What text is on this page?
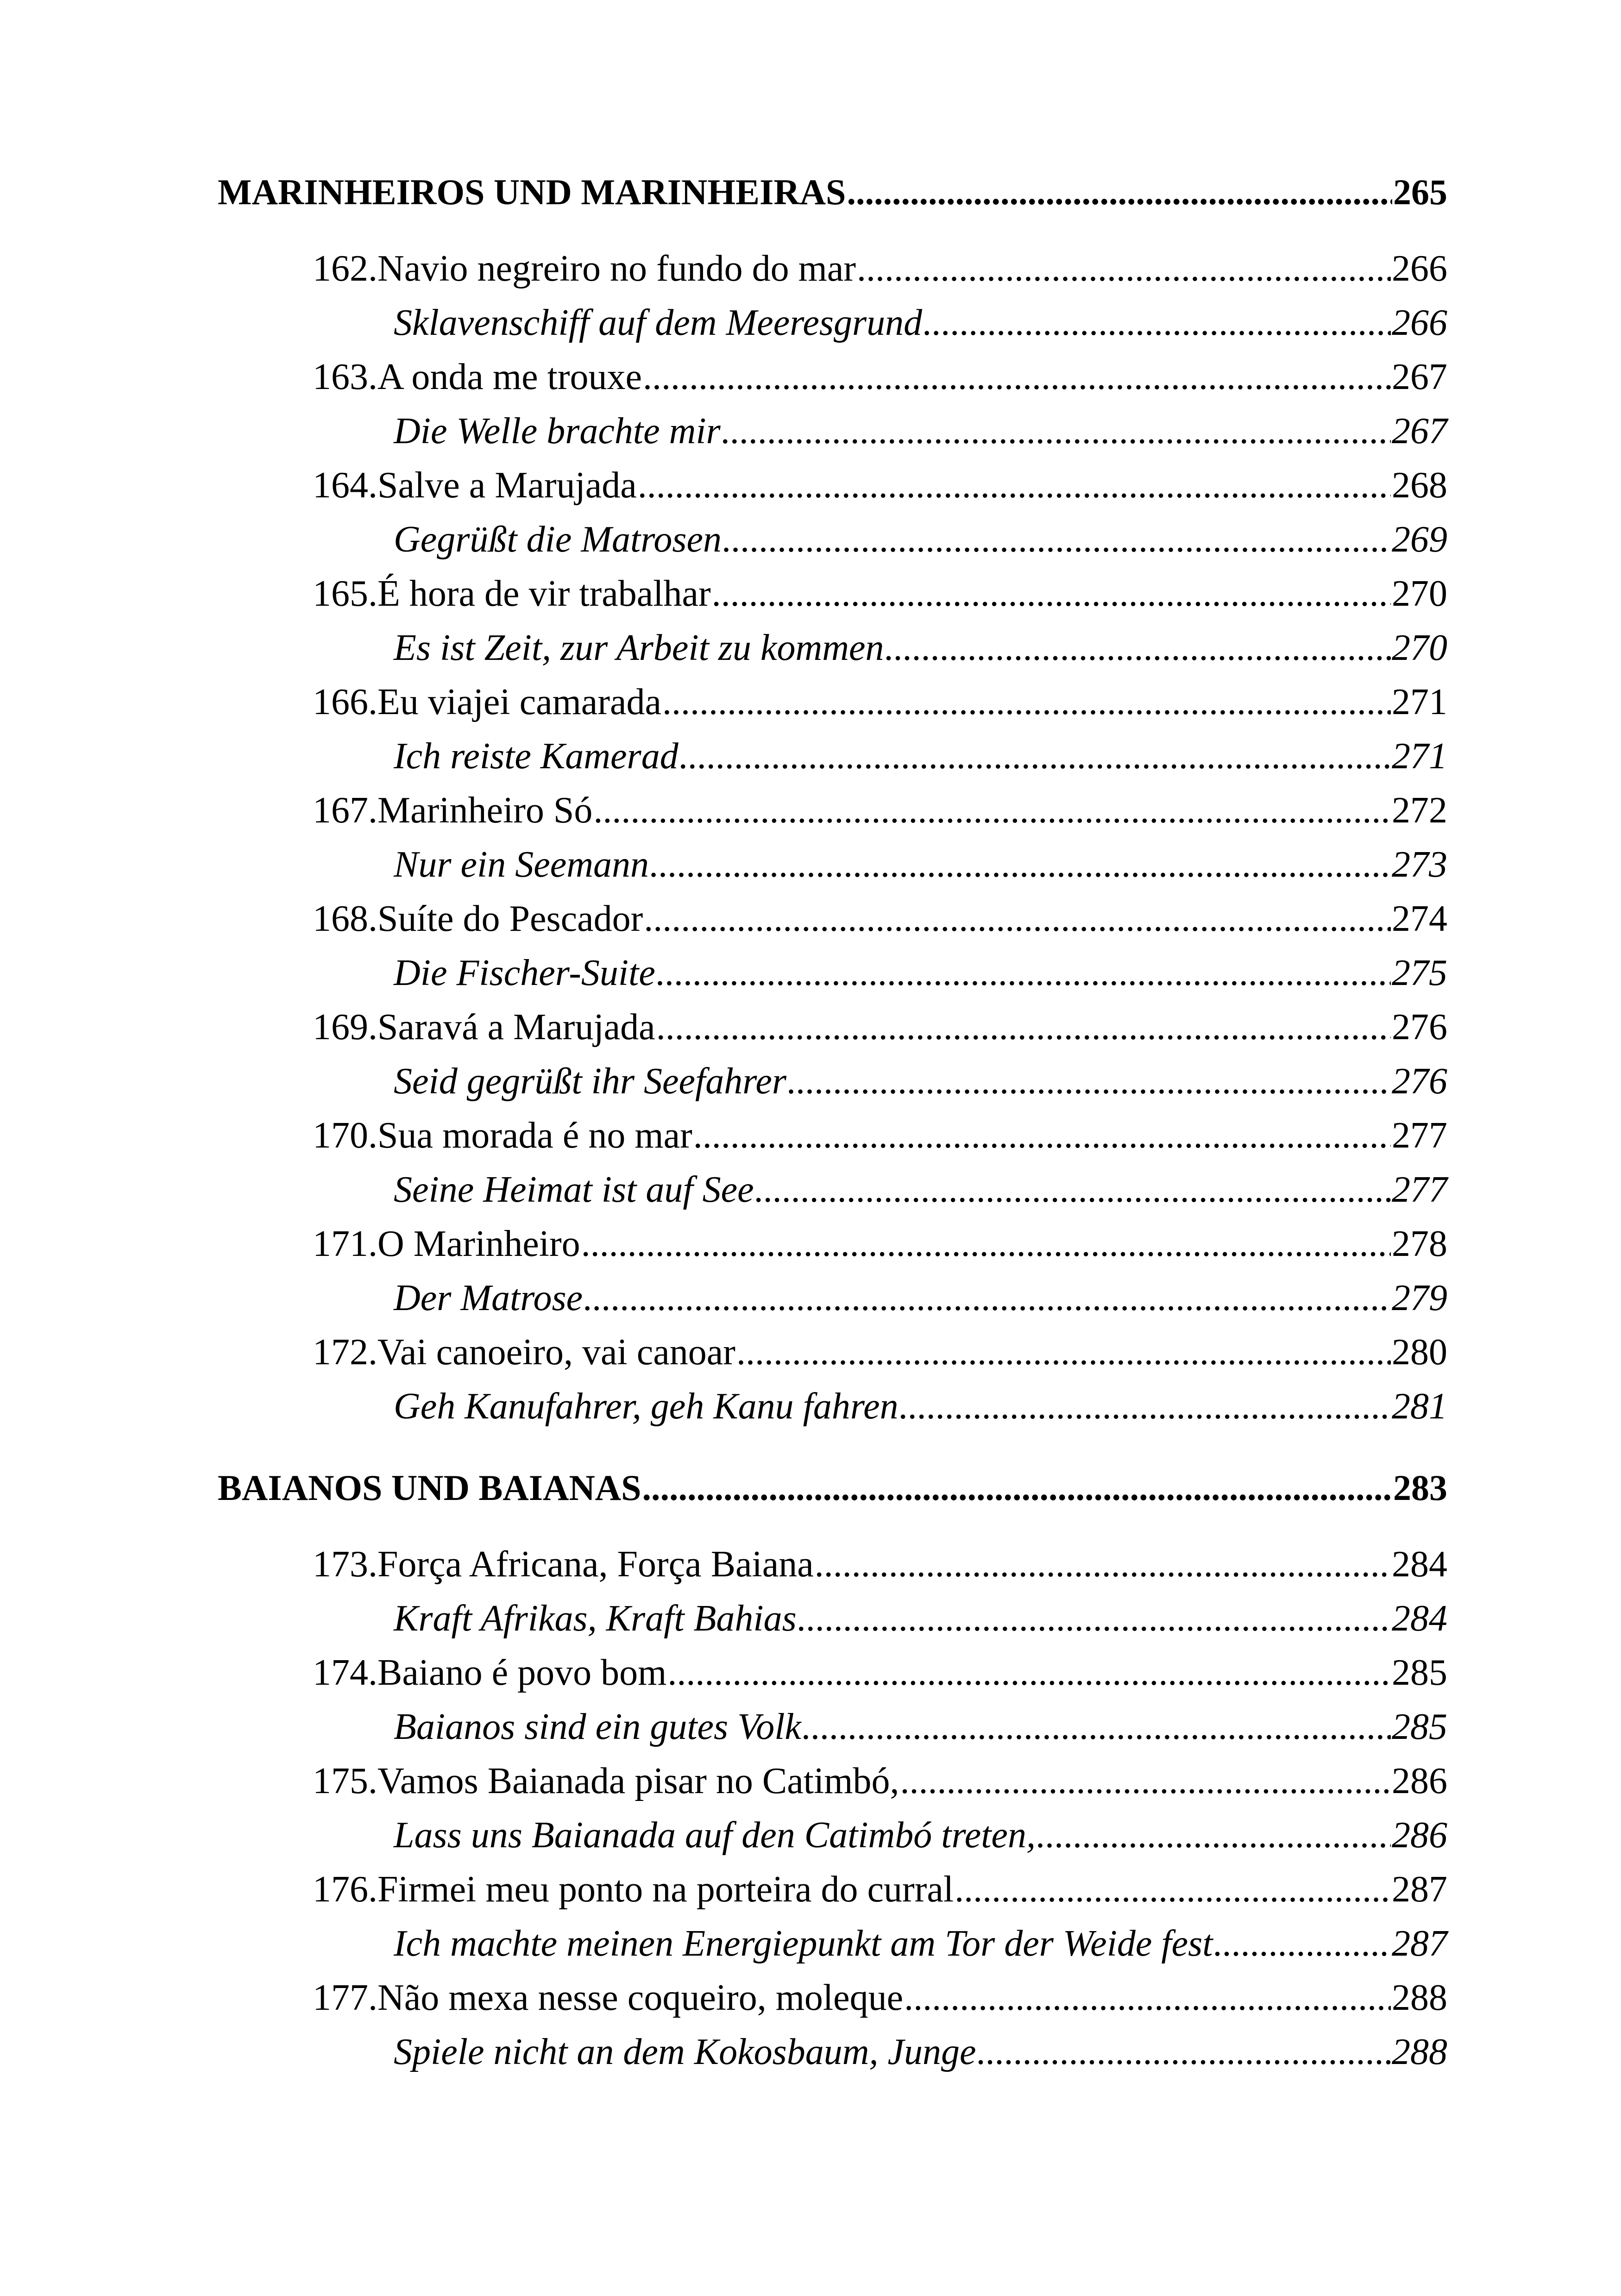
MARINHEIROS UND MARINHEIRAS .....	265
162. Navio negreiro no fundo do mar .....	266
Sklavenschiff auf dem Meeresgrund .....	266
163. A onda me trouxe .....	267
Die Welle brachte mir .....	267
164. Salve a Marujada .....	268
Gegrüßt die Matrosen .....	269
165. É hora de vir trabalhar .....	270
Es ist Zeit, zur Arbeit zu kommen .....	270
166. Eu viajei camarada .....	271
Ich reiste Kamerad .....	271
167. Marinheiro Só .....	272
Nur ein Seemann .....	273
168. Suíte do Pescador .....	274
Die Fischer-Suite .....	275
169. Saravá a Marujada .....	276
Seid gegrüßt ihr Seefahrer .....	276
170. Sua morada é no mar .....	277
Seine Heimat ist auf See .....	277
171. O Marinheiro .....	278
Der Matrose .....	279
172. Vai canoeiro, vai canoar .....	280
Geh Kanufahrer, geh Kanu fahren .....	281
BAIANOS UND BAIANAS .....	283
173. Força Africana, Força Baiana .....	284
Kraft Afrikas, Kraft Bahias .....	284
174. Baiano é povo bom .....	285
Baianos sind ein gutes Volk .....	285
175. Vamos Baianada pisar no Catimbó, .....	286
Lass uns Baianada auf den Catimbó treten, .....	286
176. Firmei meu ponto na porteira do curral .....	287
Ich machte meinen Energiepunkt am Tor der Weide fest .....	287
177. Não mexa nesse coqueiro, moleque .....	288
Spiele nicht an dem Kokosbaum, Junge .....	288
